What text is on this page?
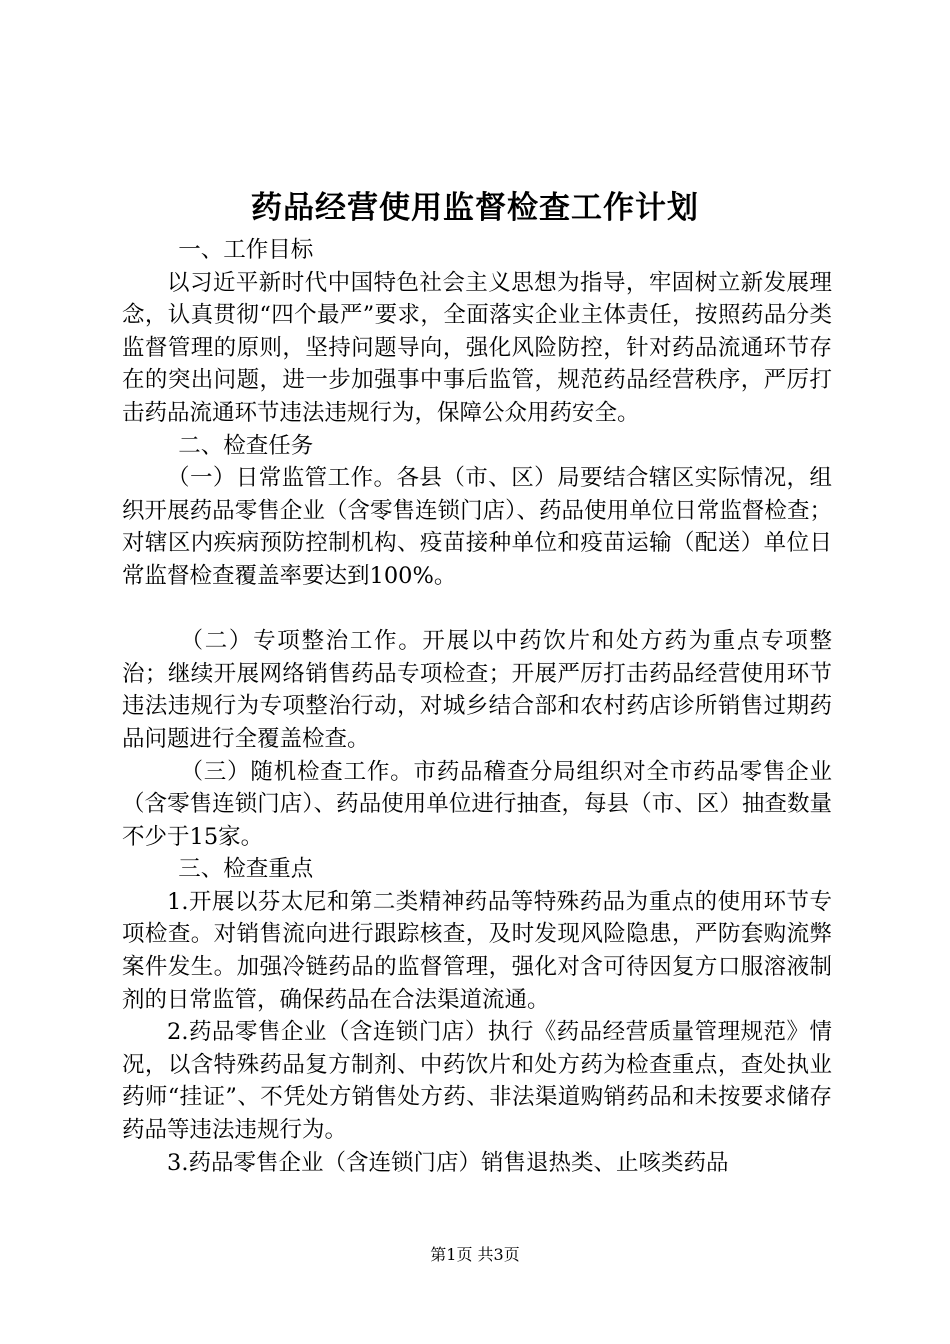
药品经营使用监督检查工作计划

一、工作目标

以习近平新时代中国特色社会主义思想为指导，牢固树立新发展理念，认真贯彻“四个最严”要求，全面落实企业主体责任，按照药品分类监督管理的原则，坚持问题导向，强化风险防控，针对药品流通环节存在的突出问题，进一步加强事中事后监管，规范药品经营秩序，严厉打击药品流通环节违法违规行为，保障公众用药安全。

二、检查任务

（一）日常监管工作。各县（市、区）局要结合辖区实际情况，组织开展药品零售企业（含零售连锁门店）、药品使用单位日常监督检查；对辖区内疾病预防控制机构、疫苗接种单位和疫苗运输（配送）单位日常监督检查覆盖率要达到100%。

（二）专项整治工作。开展以中药饮片和处方药为重点专项整治；继续开展网络销售药品专项检查；开展严厉打击药品经营使用环节违法违规行为专项整治行动，对城乡结合部和农村药店诊所销售过期药品问题进行全覆盖检查。

（三）随机检查工作。市药品稽查分局组织对全市药品零售企业（含零售连锁门店）、药品使用单位进行抽查，每县（市、区）抽查数量不少于15家。

三、检查重点

1.开展以芬太尼和第二类精神药品等特殊药品为重点的使用环节专项检查。对销售流向进行跟踪核查，及时发现风险隐患，严防套购流弊案件发生。加强冷链药品的监督管理，强化对含可待因复方口服溶液制剂的日常监管，确保药品在合法渠道流通。

2.药品零售企业（含连锁门店）执行《药品经营质量管理规范》情况，以含特殊药品复方制剂、中药饮片和处方药为检查重点，查处执业药师“挂证”、不凭处方销售处方药、非法渠道购销药品和未按要求储存药品等违法违规行为。

3.药品零售企业（含连锁门店）销售退热类、止咳类药品

第1页 共3页
